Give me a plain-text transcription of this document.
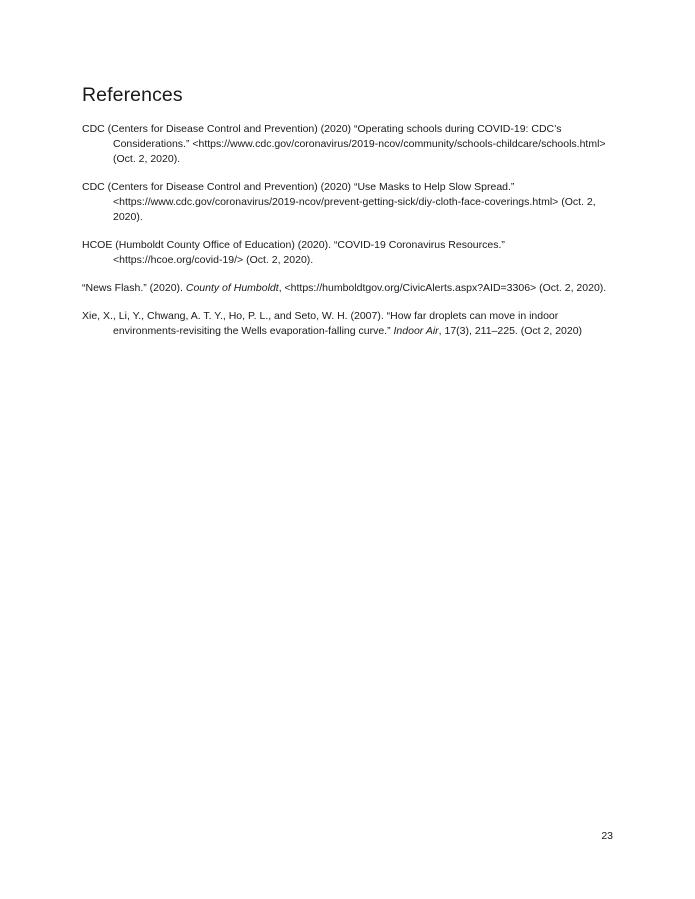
References
CDC (Centers for Disease Control and Prevention) (2020) “Operating schools during COVID-19: CDC’s Considerations.” <https://www.cdc.gov/coronavirus/2019-ncov/community/schools-childcare/schools.html> (Oct. 2, 2020).
CDC (Centers for Disease Control and Prevention) (2020) “Use Masks to Help Slow Spread.” <https://www.cdc.gov/coronavirus/2019-ncov/prevent-getting-sick/diy-cloth-face-coverings.html> (Oct. 2, 2020).
HCOE (Humboldt County Office of Education) (2020). “COVID-19 Coronavirus Resources.” <https://hcoe.org/covid-19/> (Oct. 2, 2020).
“News Flash.” (2020). County of Humboldt, <https://humboldtgov.org/CivicAlerts.aspx?AID=3306> (Oct. 2, 2020).
Xie, X., Li, Y., Chwang, A. T. Y., Ho, P. L., and Seto, W. H. (2007). “How far droplets can move in indoor environments-revisiting the Wells evaporation-falling curve.” Indoor Air, 17(3), 211–225. (Oct 2, 2020)
23
